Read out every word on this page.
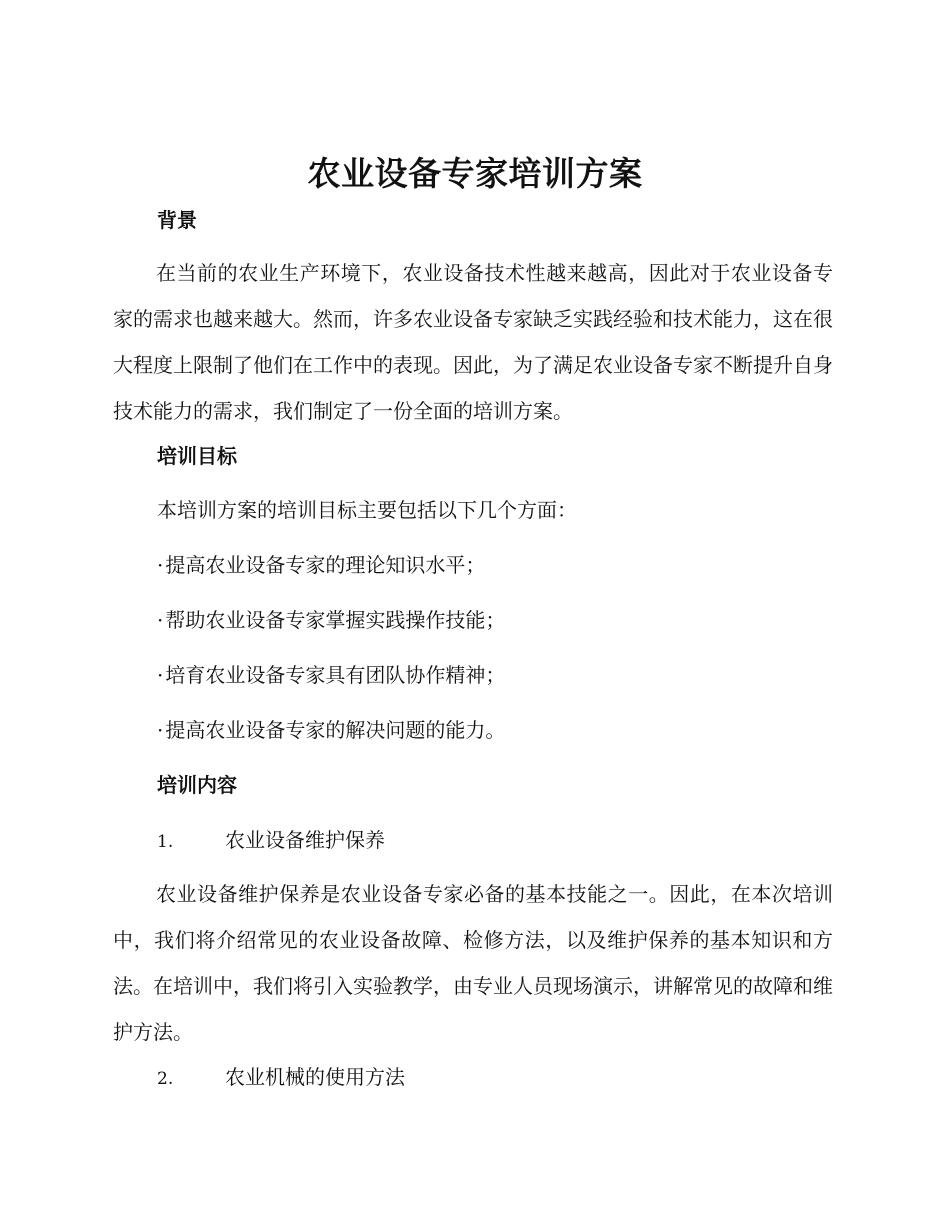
农业设备专家培训方案
背景
在当前的农业生产环境下，农业设备技术性越来越高，因此对于农业设备专家的需求也越来越大。然而，许多农业设备专家缺乏实践经验和技术能力，这在很大程度上限制了他们在工作中的表现。因此，为了满足农业设备专家不断提升自身技术能力的需求，我们制定了一份全面的培训方案。
培训目标
本培训方案的培训目标主要包括以下几个方面：
· 提高农业设备专家的理论知识水平；
· 帮助农业设备专家掌握实践操作技能；
· 培育农业设备专家具有团队协作精神；
· 提高农业设备专家的解决问题的能力。
培训内容
1.	农业设备维护保养
农业设备维护保养是农业设备专家必备的基本技能之一。因此，在本次培训中，我们将介绍常见的农业设备故障、检修方法，以及维护保养的基本知识和方法。在培训中，我们将引入实验教学，由专业人员现场演示，讲解常见的故障和维护方法。
2.	农业机械的使用方法
